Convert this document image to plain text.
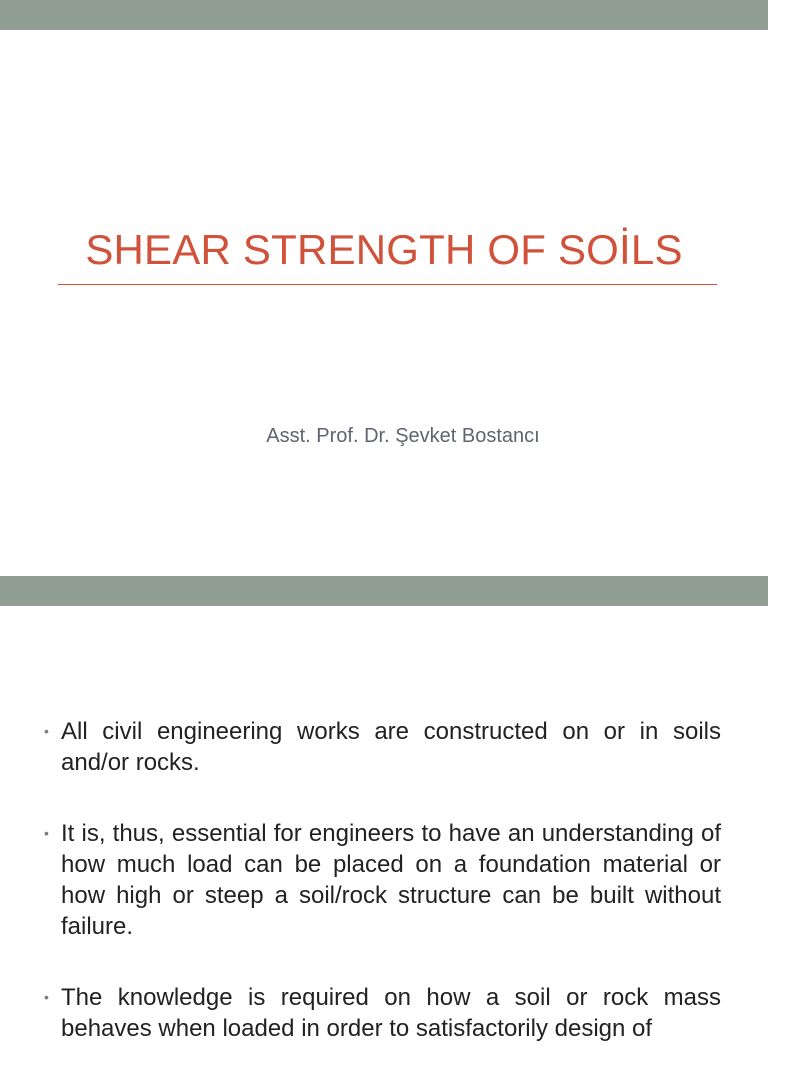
SHEAR STRENGTH OF SOİLS
Asst. Prof. Dr. Şevket Bostancı
• All civil engineering works are constructed on or in soils and/or rocks.
• It is, thus, essential for engineers to have an understanding of how much load can be placed on a foundation material or how high or steep a soil/rock structure can be built without failure.
• The knowledge is required on how a soil or rock mass behaves when loaded in order to satisfactorily design of
